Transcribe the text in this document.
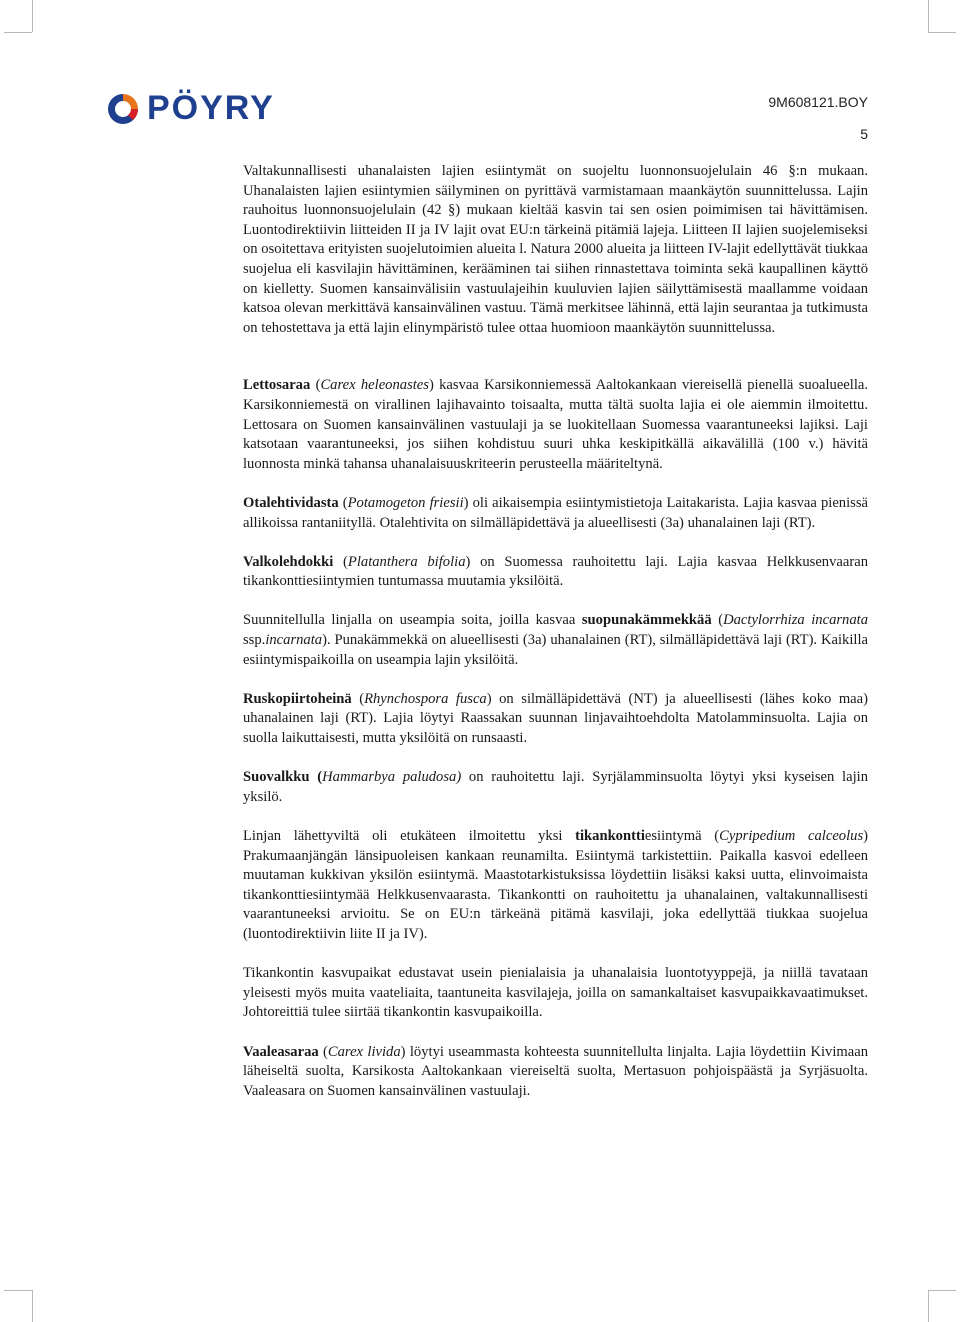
PÖYRY	9M608121.BOY
5

Valtakunnallisesti uhanalaisten lajien esiintymät on suojeltu luonnonsuojelulain 46 §:n mukaan. Uhanalaisten lajien esiintymien säilyminen on pyrittävä varmistamaan maankäytön suunnittelussa. Lajin rauhoitus luonnonsuojelulain (42 §) mukaan kieltää kasvin tai sen osien poimimisen tai hävittämisen. Luontodirektiivin liitteiden II ja IV lajit ovat EU:n tärkeinä pitämiä lajeja. Liitteen II lajien suojelemiseksi on osoitettava erityisten suojelutoimien alueita l. Natura 2000 alueita ja liitteen IV-lajit edellyttävät tiukkaa suojelua eli kasvilajin hävittäminen, kerääminen tai siihen rinnastettava toiminta sekä kaupallinen käyttö on kielletty. Suomen kansainvälisiin vastuulajeihin kuuluvien lajien säilyttämisestä maallamme voidaan katsoa olevan merkittävä kansainvälinen vastuu. Tämä merkitsee lähinnä, että lajin seurantaa ja tutkimusta on tehostettava ja että lajin elinympäristö tulee ottaa huomioon maankäytön suunnittelussa.

Lettosaraa (Carex heleonastes) kasvaa Karsikonniemessä Aaltokankaan viereisellä pienellä suoalueella. Karsikonniemestä on virallinen lajihavainto toisaalta, mutta tältä suolta lajia ei ole aiemmin ilmoitettu. Lettosara on Suomen kansainvälinen vastuulaji ja se luokitellaan Suomessa vaarantuneeksi lajiksi. Laji katsotaan vaarantuneeksi, jos siihen kohdistuu suuri uhka keskipitkällä aikavälillä (100 v.) hävitä luonnosta minkä tahansa uhanalaisuuskriteerin perusteella määriteltynä.

Otalehtividasta (Potamogeton friesii) oli aikaisempia esiintymistietoja Laitakarista. Lajia kasvaa pienissä allikoissa rantaniityllä. Otalehtivita on silmälläpidettävä ja alueellisesti (3a) uhanalainen laji (RT).

Valkolehdokki (Platanthera bifolia) on Suomessa rauhoitettu laji. Lajia kasvaa Helkkusenvaaran tikankonttiesiintymien tuntumassa muutamia yksilöitä.

Suunnitellulla linjalla on useampia soita, joilla kasvaa suopunakämmekkää (Dactylorrhiza incarnata ssp.incarnata). Punakämmekkä on alueellisesti (3a) uhanalainen (RT), silmälläpidettävä laji (RT). Kaikilla esiintymispaikoilla on useampia lajin yksilöitä.

Ruskopiirtoheinä (Rhynchospora fusca) on silmälläpidettävä (NT) ja alueellisesti (lähes koko maa) uhanalainen laji (RT). Lajia löytyi Raassakan suunnan linjavaihtoehdolta Matolamminsuolta. Lajia on suolla laikuttaisesti, mutta yksilöitä on runsaasti.

Suovalkku (Hammarbya paludosa) on rauhoitettu laji. Syrjälamminsuolta löytyi yksi kyseisen lajin yksilö.

Linjan lähettyviltä oli etukäteen ilmoitettu yksi tikankonttiesiintymä (Cypripedium calceolus) Prakumaanjängän länsipuoleisen kankaan reunamilta. Esiintymä tarkistettiin. Paikalla kasvoi edelleen muutaman kukkivan yksilön esiintymä. Maastotarkistuksissa löydettiin lisäksi kaksi uutta, elinvoimaista tikankonttiesiintymää Helkkusenvaarasta. Tikankontti on rauhoitettu ja uhanalainen, valtakunnallisesti vaarantuneeksi arvioitu. Se on EU:n tärkeänä pitämä kasvilaji, joka edellyttää tiukkaa suojelua (luontodirektiivin liite II ja IV).

Tikankontin kasvupaikat edustavat usein pienialaisia ja uhanalaisia luontotyyppejä, ja niillä tavataan yleisesti myös muita vaateliaita, taantuneita kasvilajeja, joilla on samankaltaiset kasvupaikkavaatimukset. Johtoreittiä tulee siirtää tikankontin kasvupaikoilla.

Vaaleasaraa (Carex livida) löytyi useammasta kohteesta suunnitellulta linjalta. Lajia löydettiin Kivimaan läheiseltä suolta, Karsikosta Aaltokankaan viereiseltä suolta, Mertasuon pohjoispäästä ja Syrjäsuolta. Vaaleasara on Suomen kansainvälinen vastuulaji.
